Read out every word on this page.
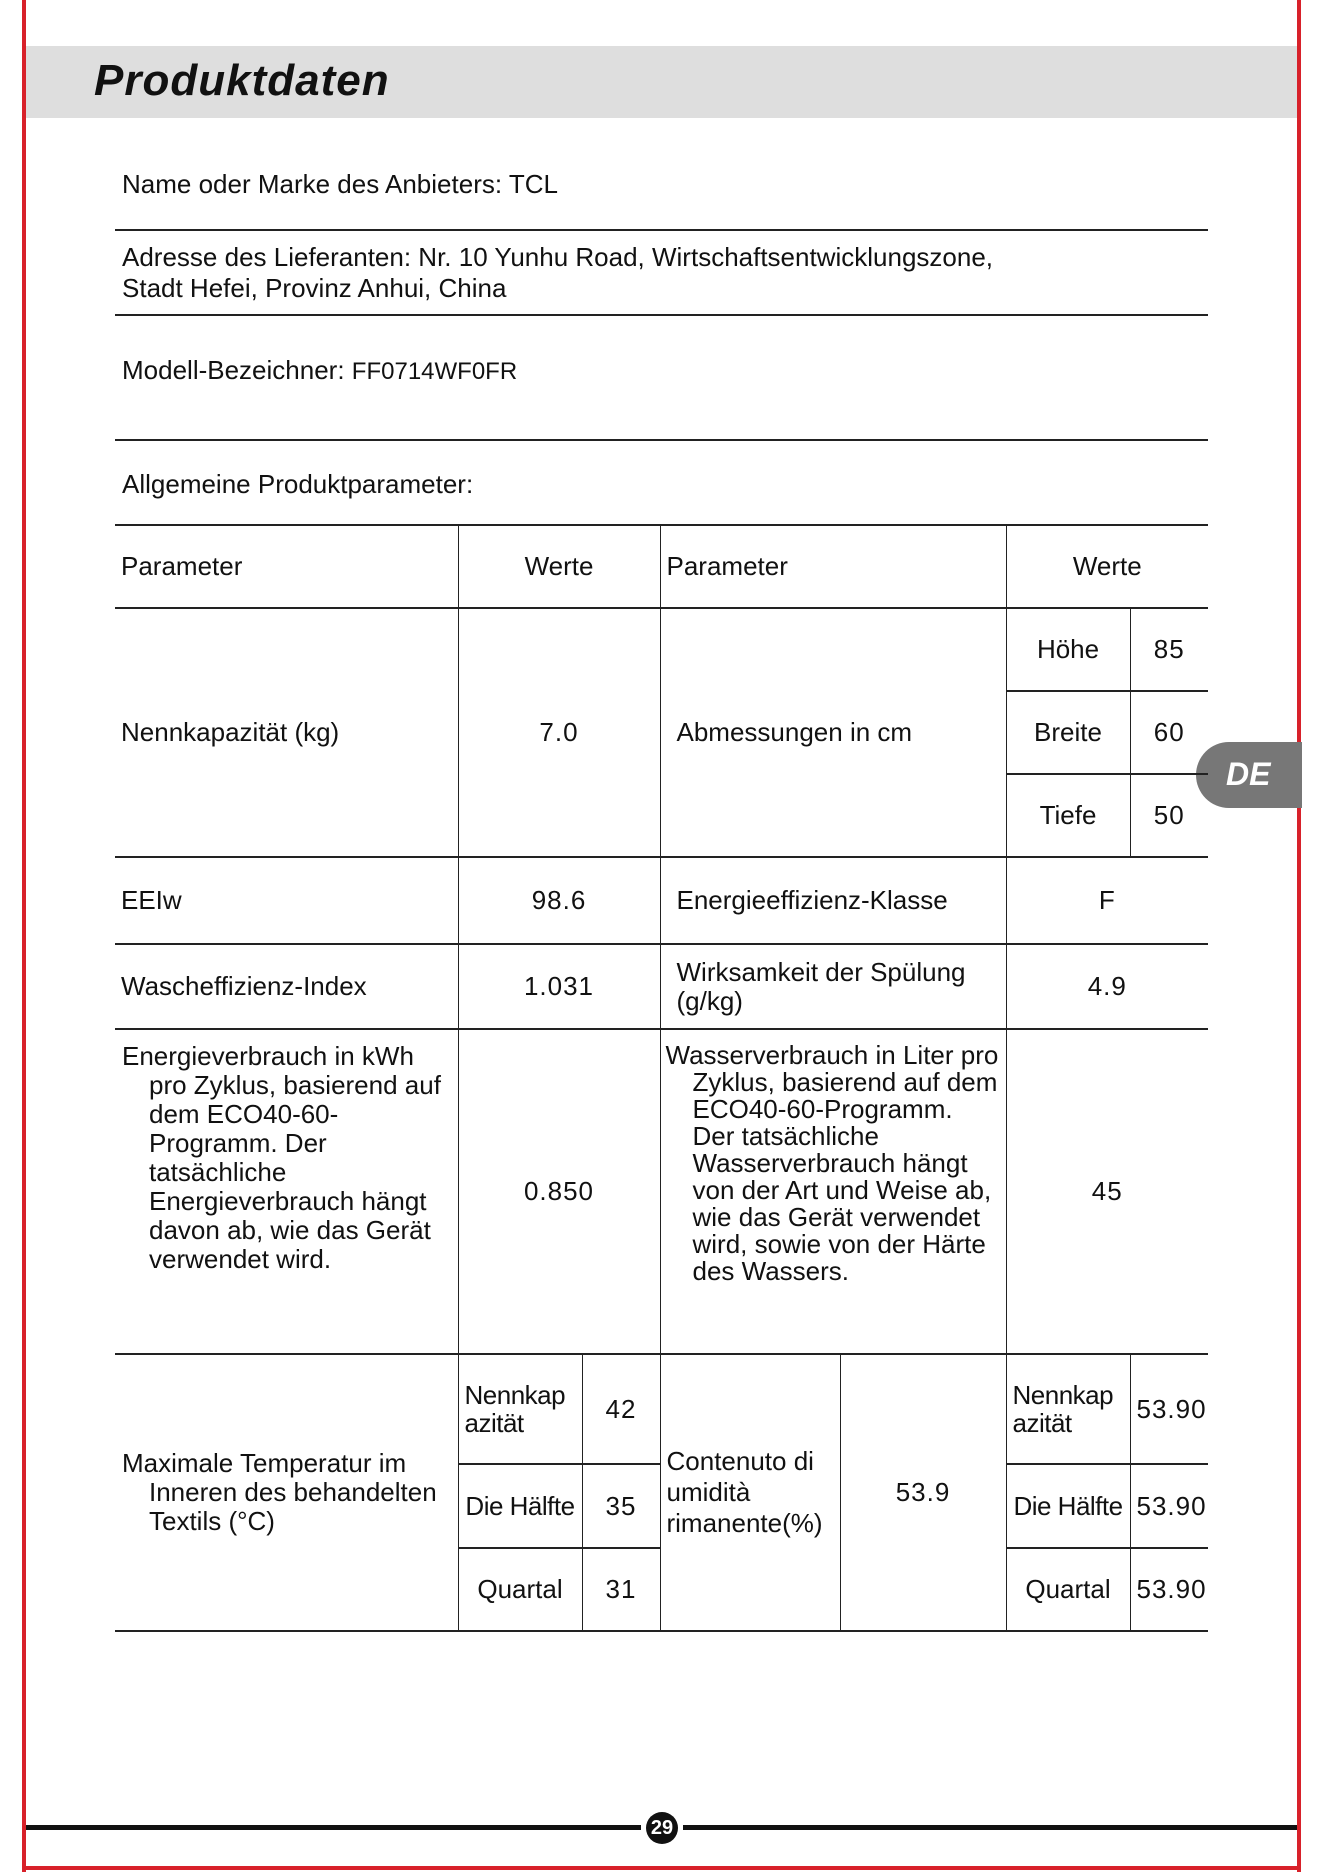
Produktdaten
Name oder Marke des Anbieters: TCL
Adresse des Lieferanten: Nr. 10 Yunhu Road, Wirtschaftsentwicklungszone,
Stadt Hefei, Provinz Anhui, China
Modell-Bezeichner: FF0714WF0FR
Allgemeine Produktparameter:
DE
Parameter	Werte		Parameter		Werte	
Nennkapazität (kg)	7.0		Abmessungen in cm		Höhe	85
					Breite	60
					Tiefe	50
EEIw	98.6		Energieeffizienz-Klasse		F	
Wascheffizienz-Index	1.031		Wirksamkeit der Spülung (g/kg)		4.9	
Energieverbrauch in kWh pro Zyklus, basierend auf dem ECO40-60-Programm. Der tatsächliche Energieverbrauch hängt davon ab, wie das Gerät verwendet wird.	0.850		Wasserverbrauch in Liter pro Zyklus, basierend auf dem ECO40-60-Programm. Der tatsächliche Wasserverbrauch hängt von der Art und Weise ab, wie das Gerät verwendet wird, sowie von der Härte des Wassers.		45	
Maximale Temperatur im Inneren des behandelten Textils (°C)	Nennkapazität	42	Contenuto di umidità rimanente(%)	53.9	Nennkapazität	53.90
	Die Hälfte	35			Die Hälfte	53.90
	Quartal	31			Quartal	53.90
29
